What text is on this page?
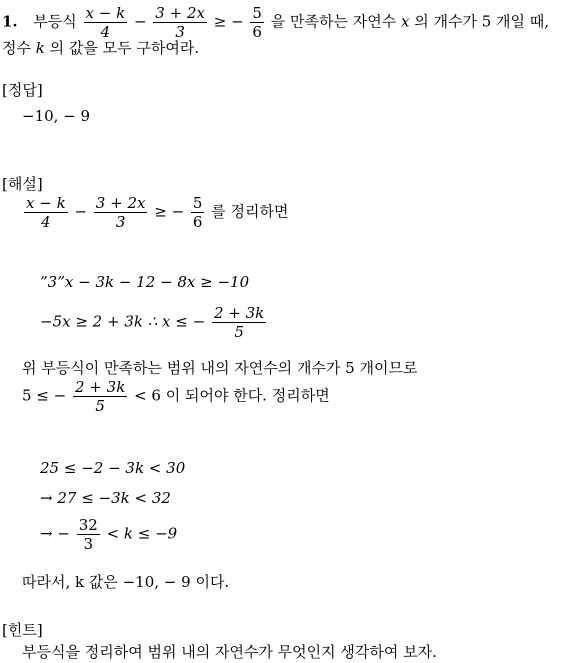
1. 부등식 $\frac{x - k}{4} - \frac{3 + 2x}{3}$ ≥ − $\frac{5}{6}$ 을 만족하는 자연수 x 의 개수가 5 개일 때,
정수 k 의 값을 모두 구하여라.
[정답]
−10, − 9
[해설]
$\frac{x - k}{4} - \frac{3 + 2x}{3}$ ≥ − $\frac{5}{6}$ 를 정리하면
”3”x − 3k − 12 − 8x ≥ −10
−5x ≥ 2 + 3k ∴ x ≤ − $\frac{2 + 3k}{5}$
위 부등식이 만족하는 범위 내의 자연수의 개수가 5 개이므로
5 ≤ − $\frac{2 + 3k}{5} < 6$ 이 되어야 한다. 정리하면
25 ≤ −2 − 3k < 30
→ 27 ≤ −3k < 32
→ − $\frac{32}{3} < k \le -9$
따라서, k 값은 −10, − 9 이다.
[힌트]
부등식을 정리하여 범위 내의 자연수가 무엇인지 생각하여 보자.
